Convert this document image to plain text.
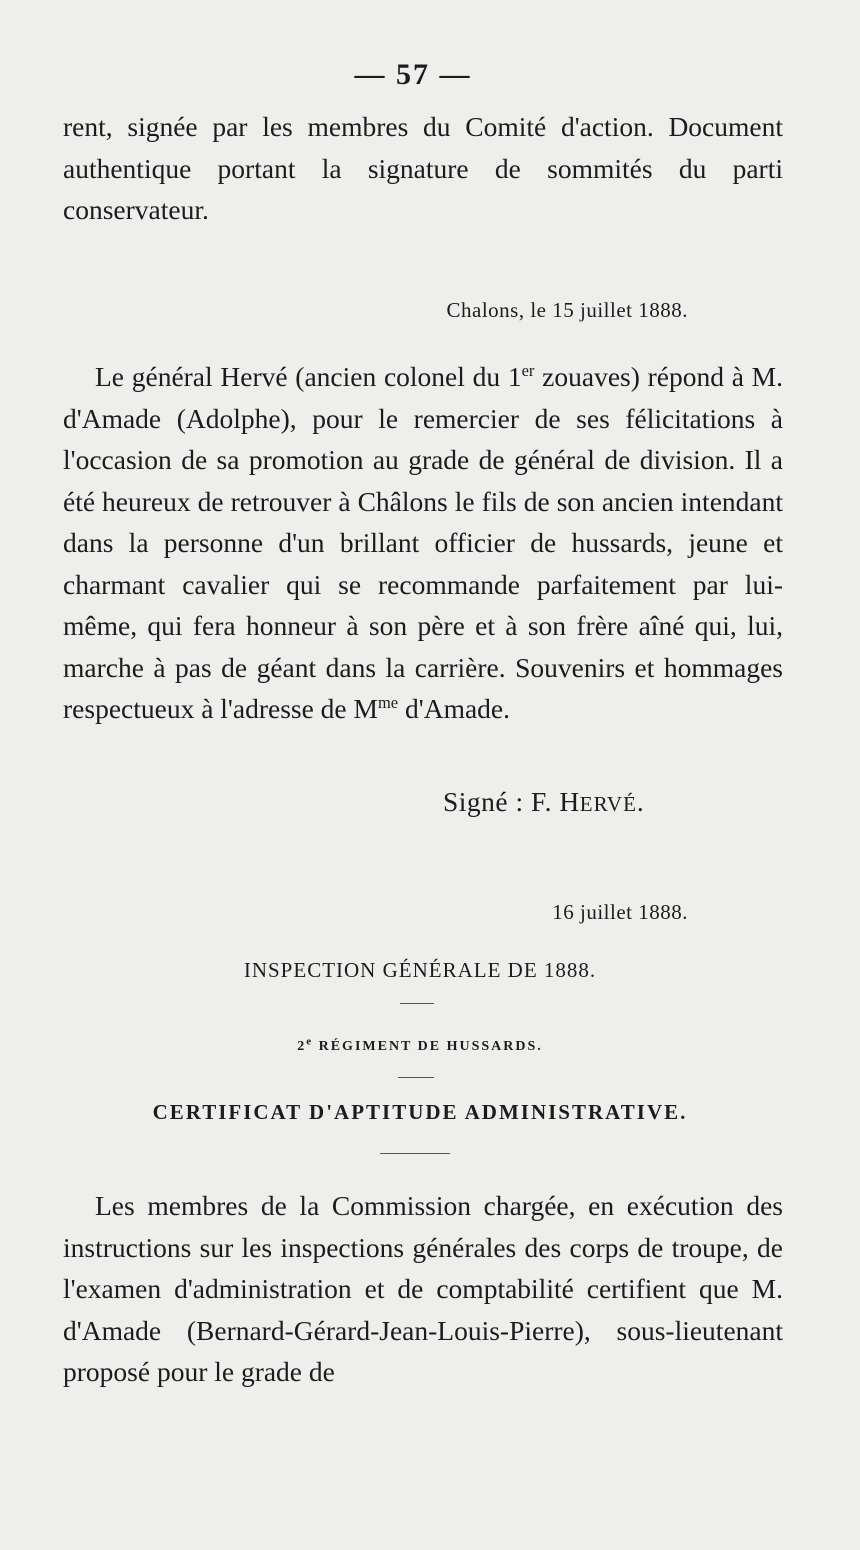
— 57 —

rent, signée par les membres du Comité d'action. Document authentique portant la signature de sommités du parti conservateur.

Chalons, le 15 juillet 1888.

Le général Hervé (ancien colonel du 1er zouaves) répond à M. d'Amade (Adolphe), pour le remercier de ses félicitations à l'occasion de sa promotion au grade de général de division. Il a été heureux de retrouver à Châlons le fils de son ancien intendant dans la personne d'un brillant officier de hussards, jeune et charmant cavalier qui se recommande parfaitement par lui-même, qui fera honneur à son père et à son frère aîné qui, lui, marche à pas de géant dans la carrière. Souvenirs et hommages respectueux à l'adresse de $M^{me}$ d'Amade.

Signé : F. HERVÉ.
16 juillet 1888.
INSPECTION GÉNÉRALE DE 1888.
2e RÉGIMENT DE HUSSARDS.
CERTIFICAT D'APTITUDE ADMINISTRATIVE.

Les membres de la Commission chargée, en exécution des instructions sur les inspections générales des corps de troupe, de l'examen d'administration et de comptabilité certifient que M. d'Amade (Bernard-Gérard-Jean-Louis-Pierre), sous-lieutenant proposé pour le grade de
